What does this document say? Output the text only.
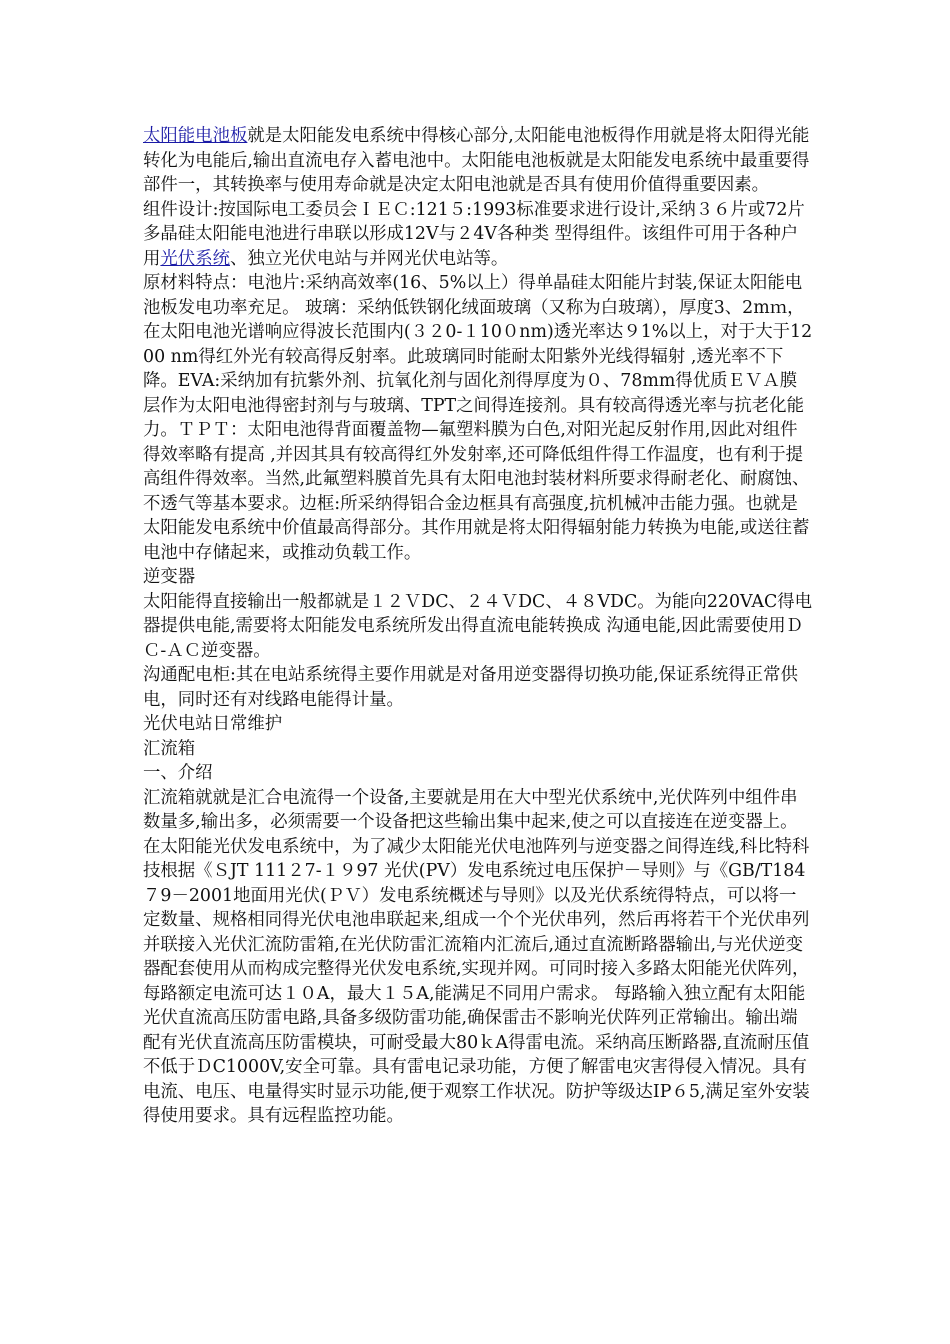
太阳能电池板就是太阳能发电系统中得核心部分,太阳能电池板得作用就是将太阳得光能转化为电能后,输出直流电存入蓄电池中。太阳能电池板就是太阳能发电系统中最重要得部件一，其转换率与使用寿命就是决定太阳电池就是否具有使用价值得重要因素。

组件设计:按国际电工委员会ＩＥＣ:121５:1993标准要求进行设计,采纳３６片或72片多晶硅太阳能电池进行串联以形成12V与２4V各种类 型得组件。该组件可用于各种户用光伏系统、独立光伏电站与并网光伏电站等。

原材料特点：电池片:采纳高效率(16、5%以上）得单晶硅太阳能片封装,保证太阳能电池板发电功率充足。 玻璃：采纳低铁钢化绒面玻璃（又称为白玻璃），厚度3、2mｍ，在太阳电池光谱响应得波长范围内(３２0-１10０nm)透光率达９1%以上，对于大于1200 nm得红外光有较高得反射率。此玻璃同时能耐太阳紫外光线得辐射 ,透光率不下降。EVA:采纳加有抗紫外剂、抗氧化剂与固化剂得厚度为０、78mm得优质ＥＶＡ膜层作为太阳电池得密封剂与与玻璃、TPT之间得连接剂。具有较高得透光率与抗老化能力。ＴＰＴ：太阳电池得背面覆盖物—氟塑料膜为白色,对阳光起反射作用,因此对组件得效率略有提高 ,并因其具有较高得红外发射率,还可降低组件得工作温度，也有利于提高组件得效率。当然,此氟塑料膜首先具有太阳电池封装材料所要求得耐老化、耐腐蚀、不透气等基本要求。边框:所采纳得铝合金边框具有高强度,抗机械冲击能力强。也就是太阳能发电系统中价值最高得部分。其作用就是将太阳得辐射能力转换为电能,或送往蓄电池中存储起来，或推动负载工作。

逆变器

太阳能得直接输出一般都就是１２ＶDC、２４ＶDC、４８VDC。为能向220VAC得电器提供电能,需要将太阳能发电系统所发出得直流电能转换成 沟通电能,因此需要使用ＤＣ-ＡＣ逆变器。

沟通配电柜:其在电站系统得主要作用就是对备用逆变器得切换功能,保证系统得正常供电，同时还有对线路电能得计量。

光伏电站日常维护

汇流箱

一、介绍

汇流箱就就是汇合电流得一个设备,主要就是用在大中型光伏系统中,光伏阵列中组件串数量多,输出多，必须需要一个设备把这些输出集中起来,使之可以直接连在逆变器上。在太阳能光伏发电系统中，为了减少太阳能光伏电池阵列与逆变器之间得连线,科比特科技根据《ＳJT 111２7-１９97 光伏(PV）发电系统过电压保护－导则》与《GB/T184７9－2001地面用光伏(ＰＶ）发电系统概述与导则》以及光伏系统得特点，可以将一定数量、规格相同得光伏电池串联起来,组成一个个光伏串列，然后再将若干个光伏串列并联接入光伏汇流防雷箱,在光伏防雷汇流箱内汇流后,通过直流断路器输出,与光伏逆变器配套使用从而构成完整得光伏发电系统,实现并网。可同时接入多路太阳能光伏阵列，每路额定电流可达１０A，最大１５A,能满足不同用户需求。 每路输入独立配有太阳能光伏直流高压防雷电路,具备多级防雷功能,确保雷击不影响光伏阵列正常输出。输出端配有光伏直流高压防雷模块，可耐受最大80ｋA得雷电流。采纳高压断路器,直流耐压值不低于ＤC1000V,安全可靠。具有雷电记录功能，方便了解雷电灾害得侵入情况。具有电流、电压、电量得实时显示功能,便于观察工作状况。防护等级达IP６5,满足室外安装得使用要求。具有远程监控功能。
